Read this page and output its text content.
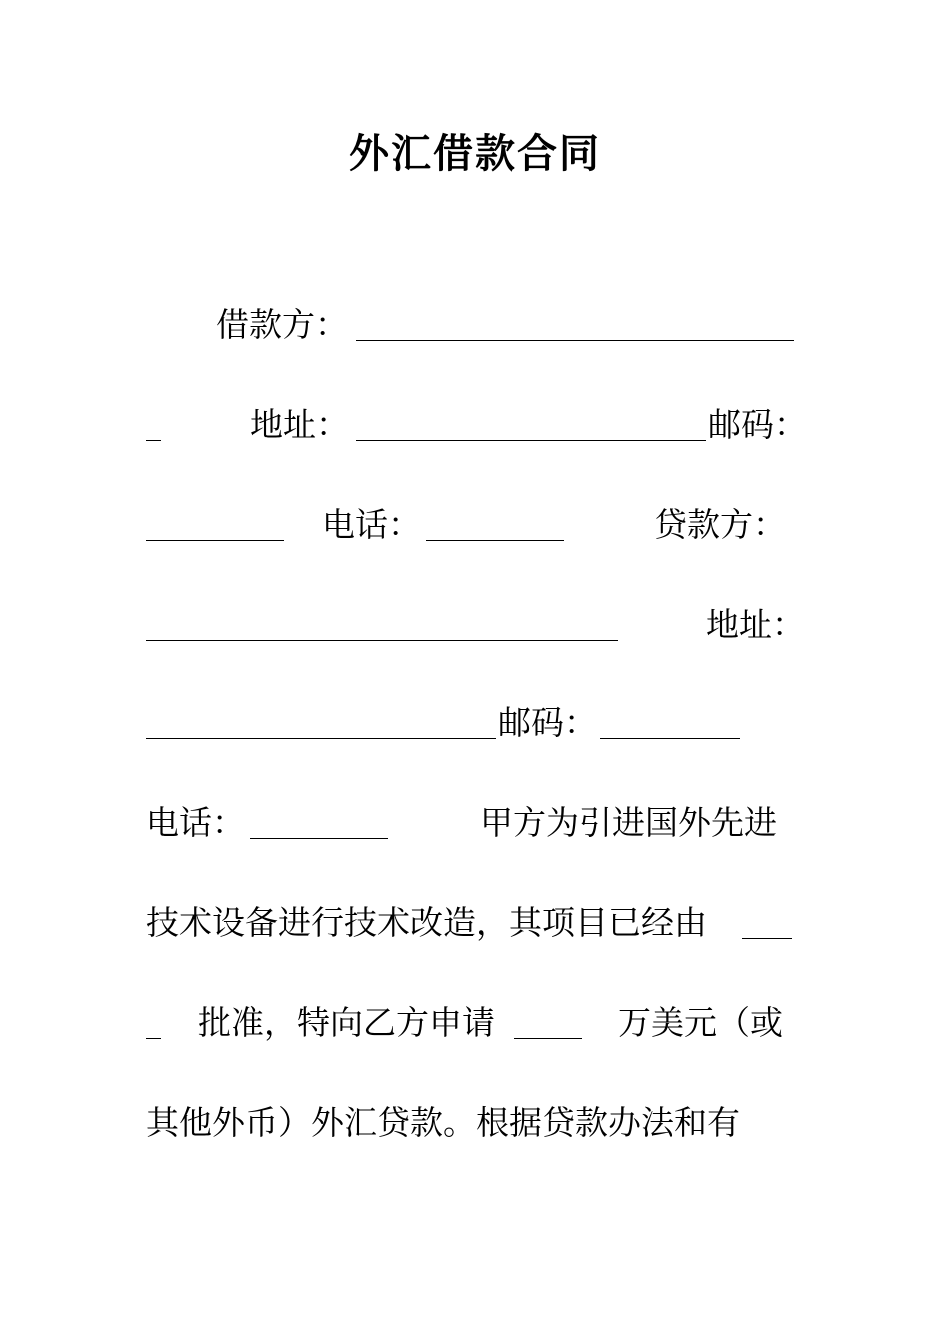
外汇借款合同
借款方：
地址：	邮码：
电话：	贷款方：
地址：
邮码：
电话：	甲方为引进国外先进
技术设备进行技术改造，其项目已经由
批准，特向乙方申请	万美元（或
其他外币）外汇贷款。根据贷款办法和有
